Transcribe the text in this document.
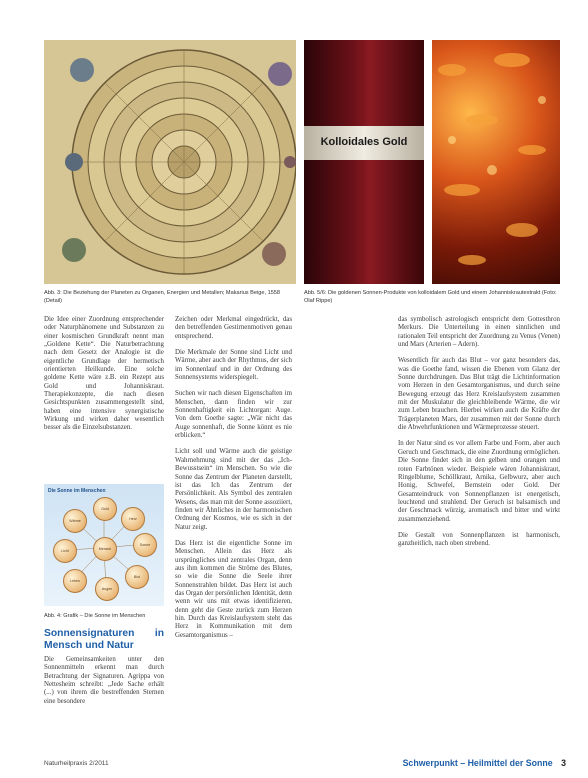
Kolloidales Gold
Abb. 3: Die Beziehung der Planeten zu Organen, Energien und Metallen; Makarius Beige, 1558 (Detail)
Abb. 5/6: Die goldenen Sonnen-Produkte von kolloidalem Gold und einem Johanniskrautextrakt (Foto: Olaf Rippe)

Die Idee einer Zuordnung entsprechender oder Naturphänomene und Substanzen zu einer kosmischen Grundkraft nennt man „Goldene Kette“. Die Naturbetrachtung nach dem Gesetz der Analogie ist die eigentliche Grundlage der hermetisch orientierten Heilkunde. Eine solche goldene Kette wäre z.B. ein Rezept aus Gold und Johanniskraut. Therapiekonzepte, die nach diesen Gesichtspunkten zusammengestellt sind, haben eine intensive synergistische Wirkung und wirken daher wesentlich besser als die Einzelsubstanzen.

Die Sonne im Menschen
Mensch
Gold
Herz
Sonne
Blut
Augen
Leben
Licht
Wärme
Abb. 4: Grafik – Die Sonne im Menschen
Sonnensignaturen in Mensch und Natur

Die Gemeinsamkeiten unter den Sonnenmitteln erkennt man durch Betrachtung der Signaturen. Agrippa von Nettesheim schreibt: „Jede Sache erhält (...) von ihrem die bestreffenden Sternen eine besondere

Zeichen oder Merkmal eingedrückt, das den betreffenden Gestirnenmotiven genau entsprechend.

Die Merkmale der Sonne sind Licht und Wärme, aber auch der Rhythmus, der sich im Sonnenlauf und in der Ordnung des Sonnensystems widerspiegelt.

Suchen wir nach diesen Eigenschaften im Menschen, dann finden wir zur Sonnenhaftigkeit ein Lichtorgan: Auge. Von dem Goethe sagte: „Wär nicht das Auge sonnenhaft, die Sonne könnt es nie erblicken.“

Licht soll und Wärme auch die geistige Wahrnehmung sind mit der das „Ich-Bewusstsein“ im Menschen. So wie die Sonne das Zentrum der Planeten darstellt, ist das Ich das Zentrum der Persönlichkeit. Als Symbol des zentralen Wesens, das man mit der Sonne assoziiert, finden wir Ähnliches in der harmonischen Ordnung der Kosmos, wie es sich in der Natur zeigt.

Das Herz ist die eigentliche Sonne im Menschen. Allein das Herz als ursprüngliches und zentrales Organ, denn aus ihm kommen die Ströme des Blutes, so wie die Sonne die Seele ihrer Sonnenstrahlen bildet. Das Herz ist auch das Organ der persönlichen Identität, denn wenn wir uns mit etwas identifizieren, denn geht die Geste zurück zum Herzen hin. Durch das Kreislaufsystem steht das Herz in Kommunikation mit dem Gesamtorganismus –

das symbolisch astrologisch entspricht dem Gottesthron Merkurs. Die Unterteilung in einen sinnlichen und rationalen Teil entspricht der Zuordnung zu Venus (Venen) und Mars (Arterien – Adern).

Wesentlich für auch das Blut – vor ganz besonders das, was die Goethe fand, wissen die Ebenen vom Glanz der Sonne durchdrungen. Das Blut trägt die Lichtinformation vom Herzen in den Gesamtorganismus, und durch seine Bewegung erzeugt das Herz Kreislaufsystem zusammen mit der Muskulatur die gleichbleibende Wärme, die wir zum Leben brauchen. Hierbei wirken auch die Kräfte der Trägerplaneten Mars, der zusammen mit der Sonne durch die Abwehrfunktionen und Wärmeprozesse steuert.

In der Natur sind es vor allem Farbe und Form, aber auch Geruch und Geschmack, die eine Zuordnung ermöglichen. Die Sonne findet sich in den gelben und orangen und roten Farbtönen wieder. Beispiele wären Johanniskraut, Ringelblume, Schöllkraut, Arnika, Gelbwurz, aber auch Honig, Schwefel, Bernstein oder Gold. Der Gesamteindruck von Sonnenpflanzen ist energetisch, leuchtend und strahlend. Der Geruch ist balsamisch und der Geschmack würzig, aromatisch und bitter und wirkt zusammenziehend.

Die Gestalt von Sonnenpflanzen ist harmonisch, ganzheitlich, nach oben strebend.

Naturheilpraxis 2/2011	Schwerpunkt – Heilmittel der Sonne 3
